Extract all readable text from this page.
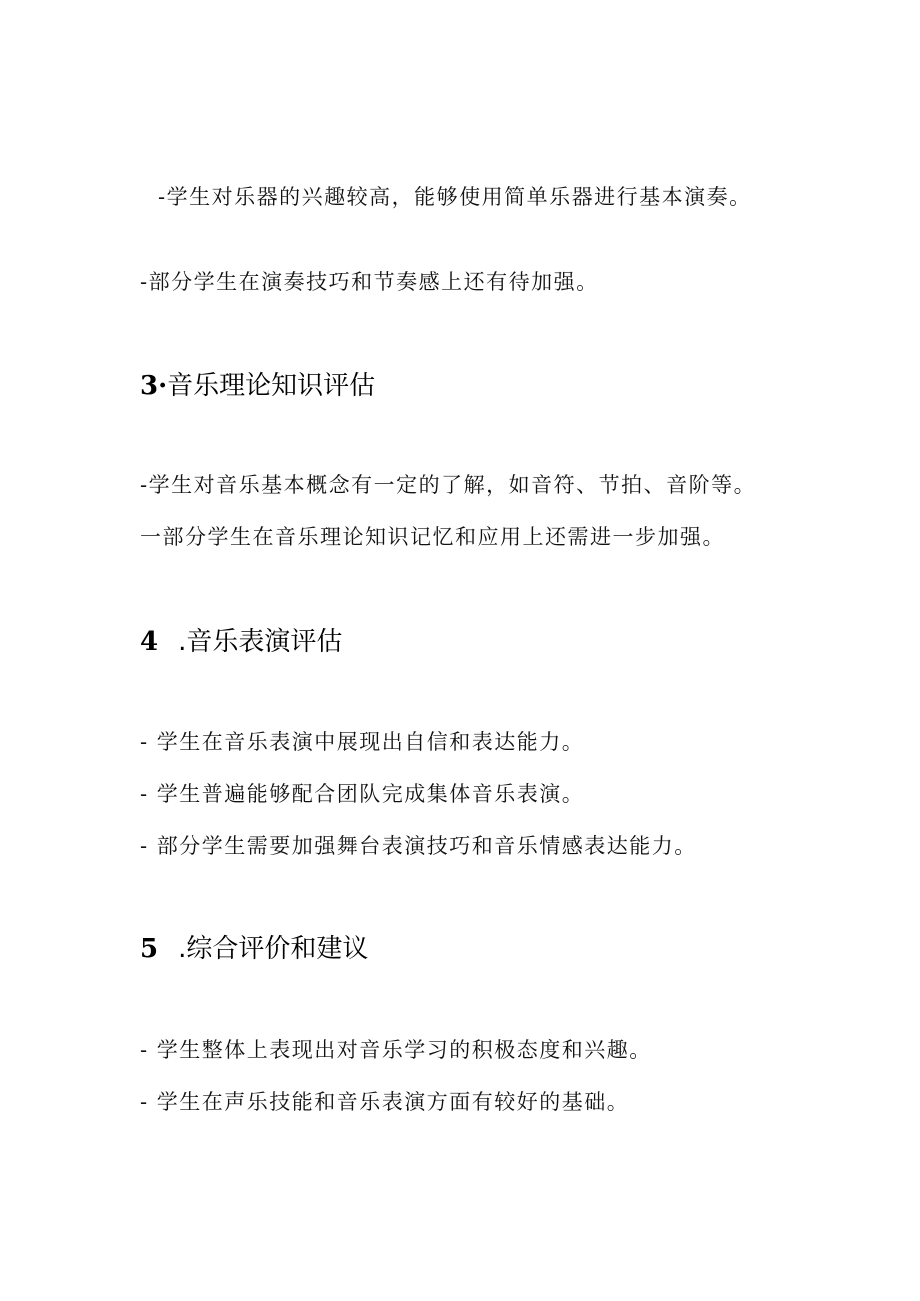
-学生对乐器的兴趣较高，能够使用简单乐器进行基本演奏。
-部分学生在演奏技巧和节奏感上还有待加强。
3·音乐理论知识评估
-学生对音乐基本概念有一定的了解，如音符、节拍、音阶等。
一部分学生在音乐理论知识记忆和应用上还需进一步加强。
4 .音乐表演评估
- 学生在音乐表演中展现出自信和表达能力。
- 学生普遍能够配合团队完成集体音乐表演。
- 部分学生需要加强舞台表演技巧和音乐情感表达能力。
5 .综合评价和建议
- 学生整体上表现出对音乐学习的积极态度和兴趣。
- 学生在声乐技能和音乐表演方面有较好的基础。
